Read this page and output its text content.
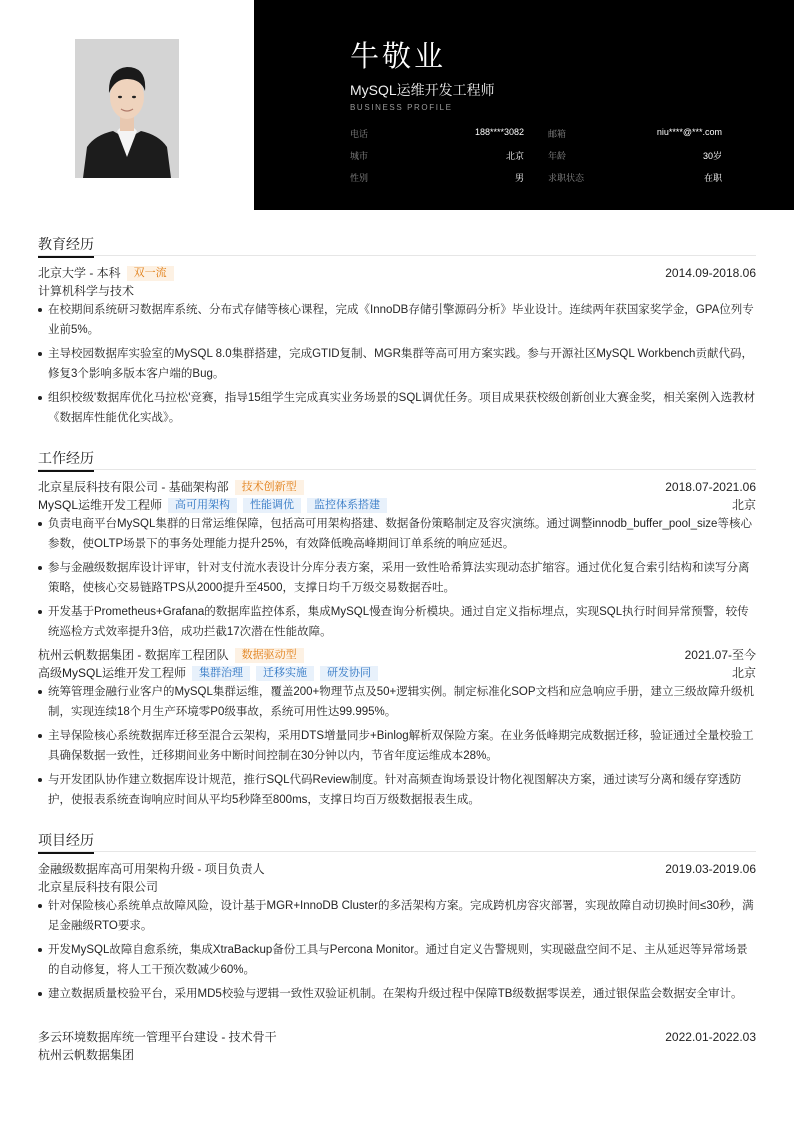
牛敬业
MySQL运维开发工程师
BUSINESS PROFILE
电话	188****3082	邮箱	niu****@***.com
城市	北京	年龄	30岁
性别	男	求职状态	在职
教育经历
北京大学 - 本科 双一流	2014.09-2018.06
计算机科学与技术
在校期间系统研习数据库系统、分布式存储等核心课程，完成《InnoDB存储引擎源码分析》毕业设计。连续两年获国家奖学金，GPA位列专业前5%。
主导校园数据库实验室的MySQL 8.0集群搭建，完成GTID复制、MGR集群等高可用方案实践。参与开源社区MySQL Workbench贡献代码，修复3个影响多版本客户端的Bug。
组织校级'数据库优化马拉松'竞赛，指导15组学生完成真实业务场景的SQL调优任务。项目成果获校级创新创业大赛金奖，相关案例入选教材《数据库性能优化实战》。
工作经历
北京星辰科技有限公司 - 基础架构部 技术创新型	2018.07-2021.06
MySQL运维开发工程师 高可用架构 性能调优 监控体系搭建	北京
负责电商平台MySQL集群的日常运维保障，包括高可用架构搭建、数据备份策略制定及容灾演练。通过调整innodb_buffer_pool_size等核心参数，使OLTP场景下的事务处理能力提升25%，有效降低晚高峰期间订单系统的响应延迟。
参与金融级数据库设计评审，针对支付流水表设计分库分表方案，采用一致性哈希算法实现动态扩缩容。通过优化复合索引结构和读写分离策略，使核心交易链路TPS从2000提升至4500，支撑日均千万级交易数据吞吐。
开发基于Prometheus+Grafana的数据库监控体系，集成MySQL慢查询分析模块。通过自定义指标埋点，实现SQL执行时间异常预警，较传统巡检方式效率提升3倍，成功拦截17次潜在性能故障。
杭州云帆数据集团 - 数据库工程团队 数据驱动型	2021.07-至今
高级MySQL运维开发工程师 集群治理 迁移实施 研发协同	北京
统筹管理金融行业客户的MySQL集群运维，覆盖200+物理节点及50+逻辑实例。制定标准化SOP文档和应急响应手册，建立三级故障升级机制，实现连续18个月生产环境零P0级事故，系统可用性达99.995%。
主导保险核心系统数据库迁移至混合云架构，采用DTS增量同步+Binlog解析双保险方案。在业务低峰期完成数据迁移，验证通过全量校验工具确保数据一致性，迁移期间业务中断时间控制在30分钟以内，节省年度运维成本28%。
与开发团队协作建立数据库设计规范，推行SQL代码Review制度。针对高频查询场景设计物化视图解决方案，通过读写分离和缓存穿透防护，使报表系统查询响应时间从平均5秒降至800ms，支撑日均百万级数据报表生成。
项目经历
金融级数据库高可用架构升级 - 项目负责人	2019.03-2019.06
北京星辰科技有限公司
针对保险核心系统单点故障风险，设计基于MGR+InnoDB Cluster的多活架构方案。完成跨机房容灾部署，实现故障自动切换时间≤30秒，满足金融级RTO要求。
开发MySQL故障自愈系统，集成XtraBackup备份工具与Percona Monitor。通过自定义告警规则，实现磁盘空间不足、主从延迟等异常场景的自动修复，将人工干预次数减少60%。
建立数据质量校验平台，采用MD5校验与逻辑一致性双验证机制。在架构升级过程中保障TB级数据零误差，通过银保监会数据安全审计。
多云环境数据库统一管理平台建设 - 技术骨干	2022.01-2022.03
杭州云帆数据集团
